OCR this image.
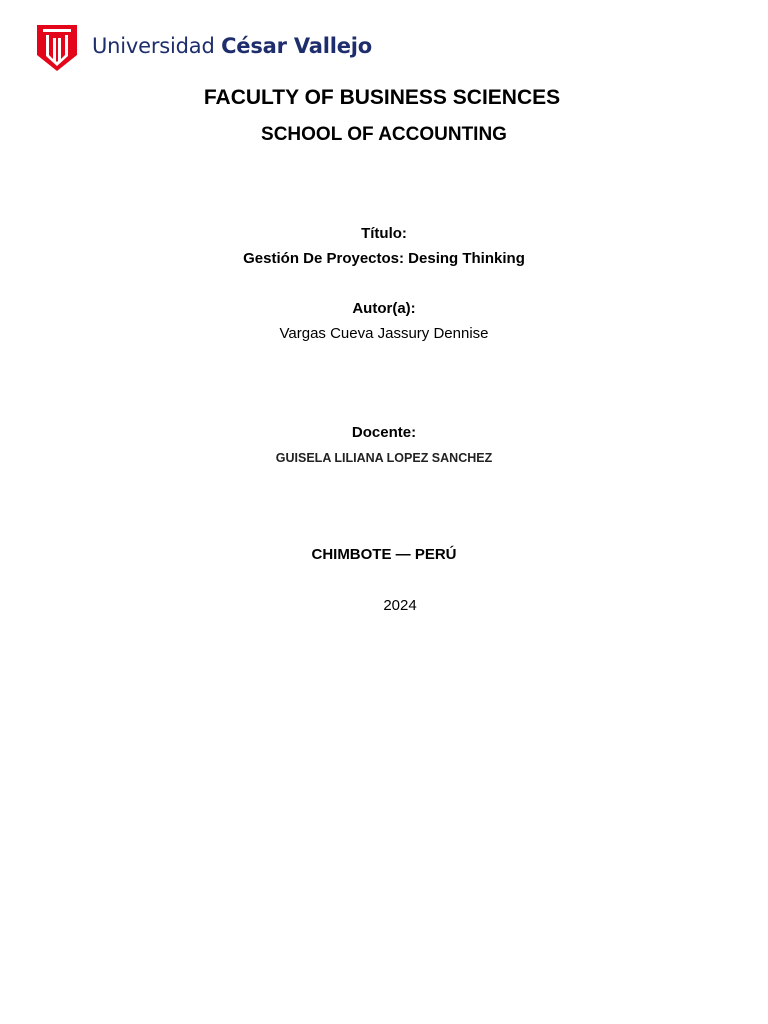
Universidad César Vallejo
FACULTY OF BUSINESS SCIENCES
SCHOOL OF ACCOUNTING
Título:
Gestión De Proyectos: Desing Thinking
Autor(a):
Vargas Cueva Jassury Dennise
Docente:
GUISELA LILIANA LOPEZ SANCHEZ
CHIMBOTE — PERÚ
2024
